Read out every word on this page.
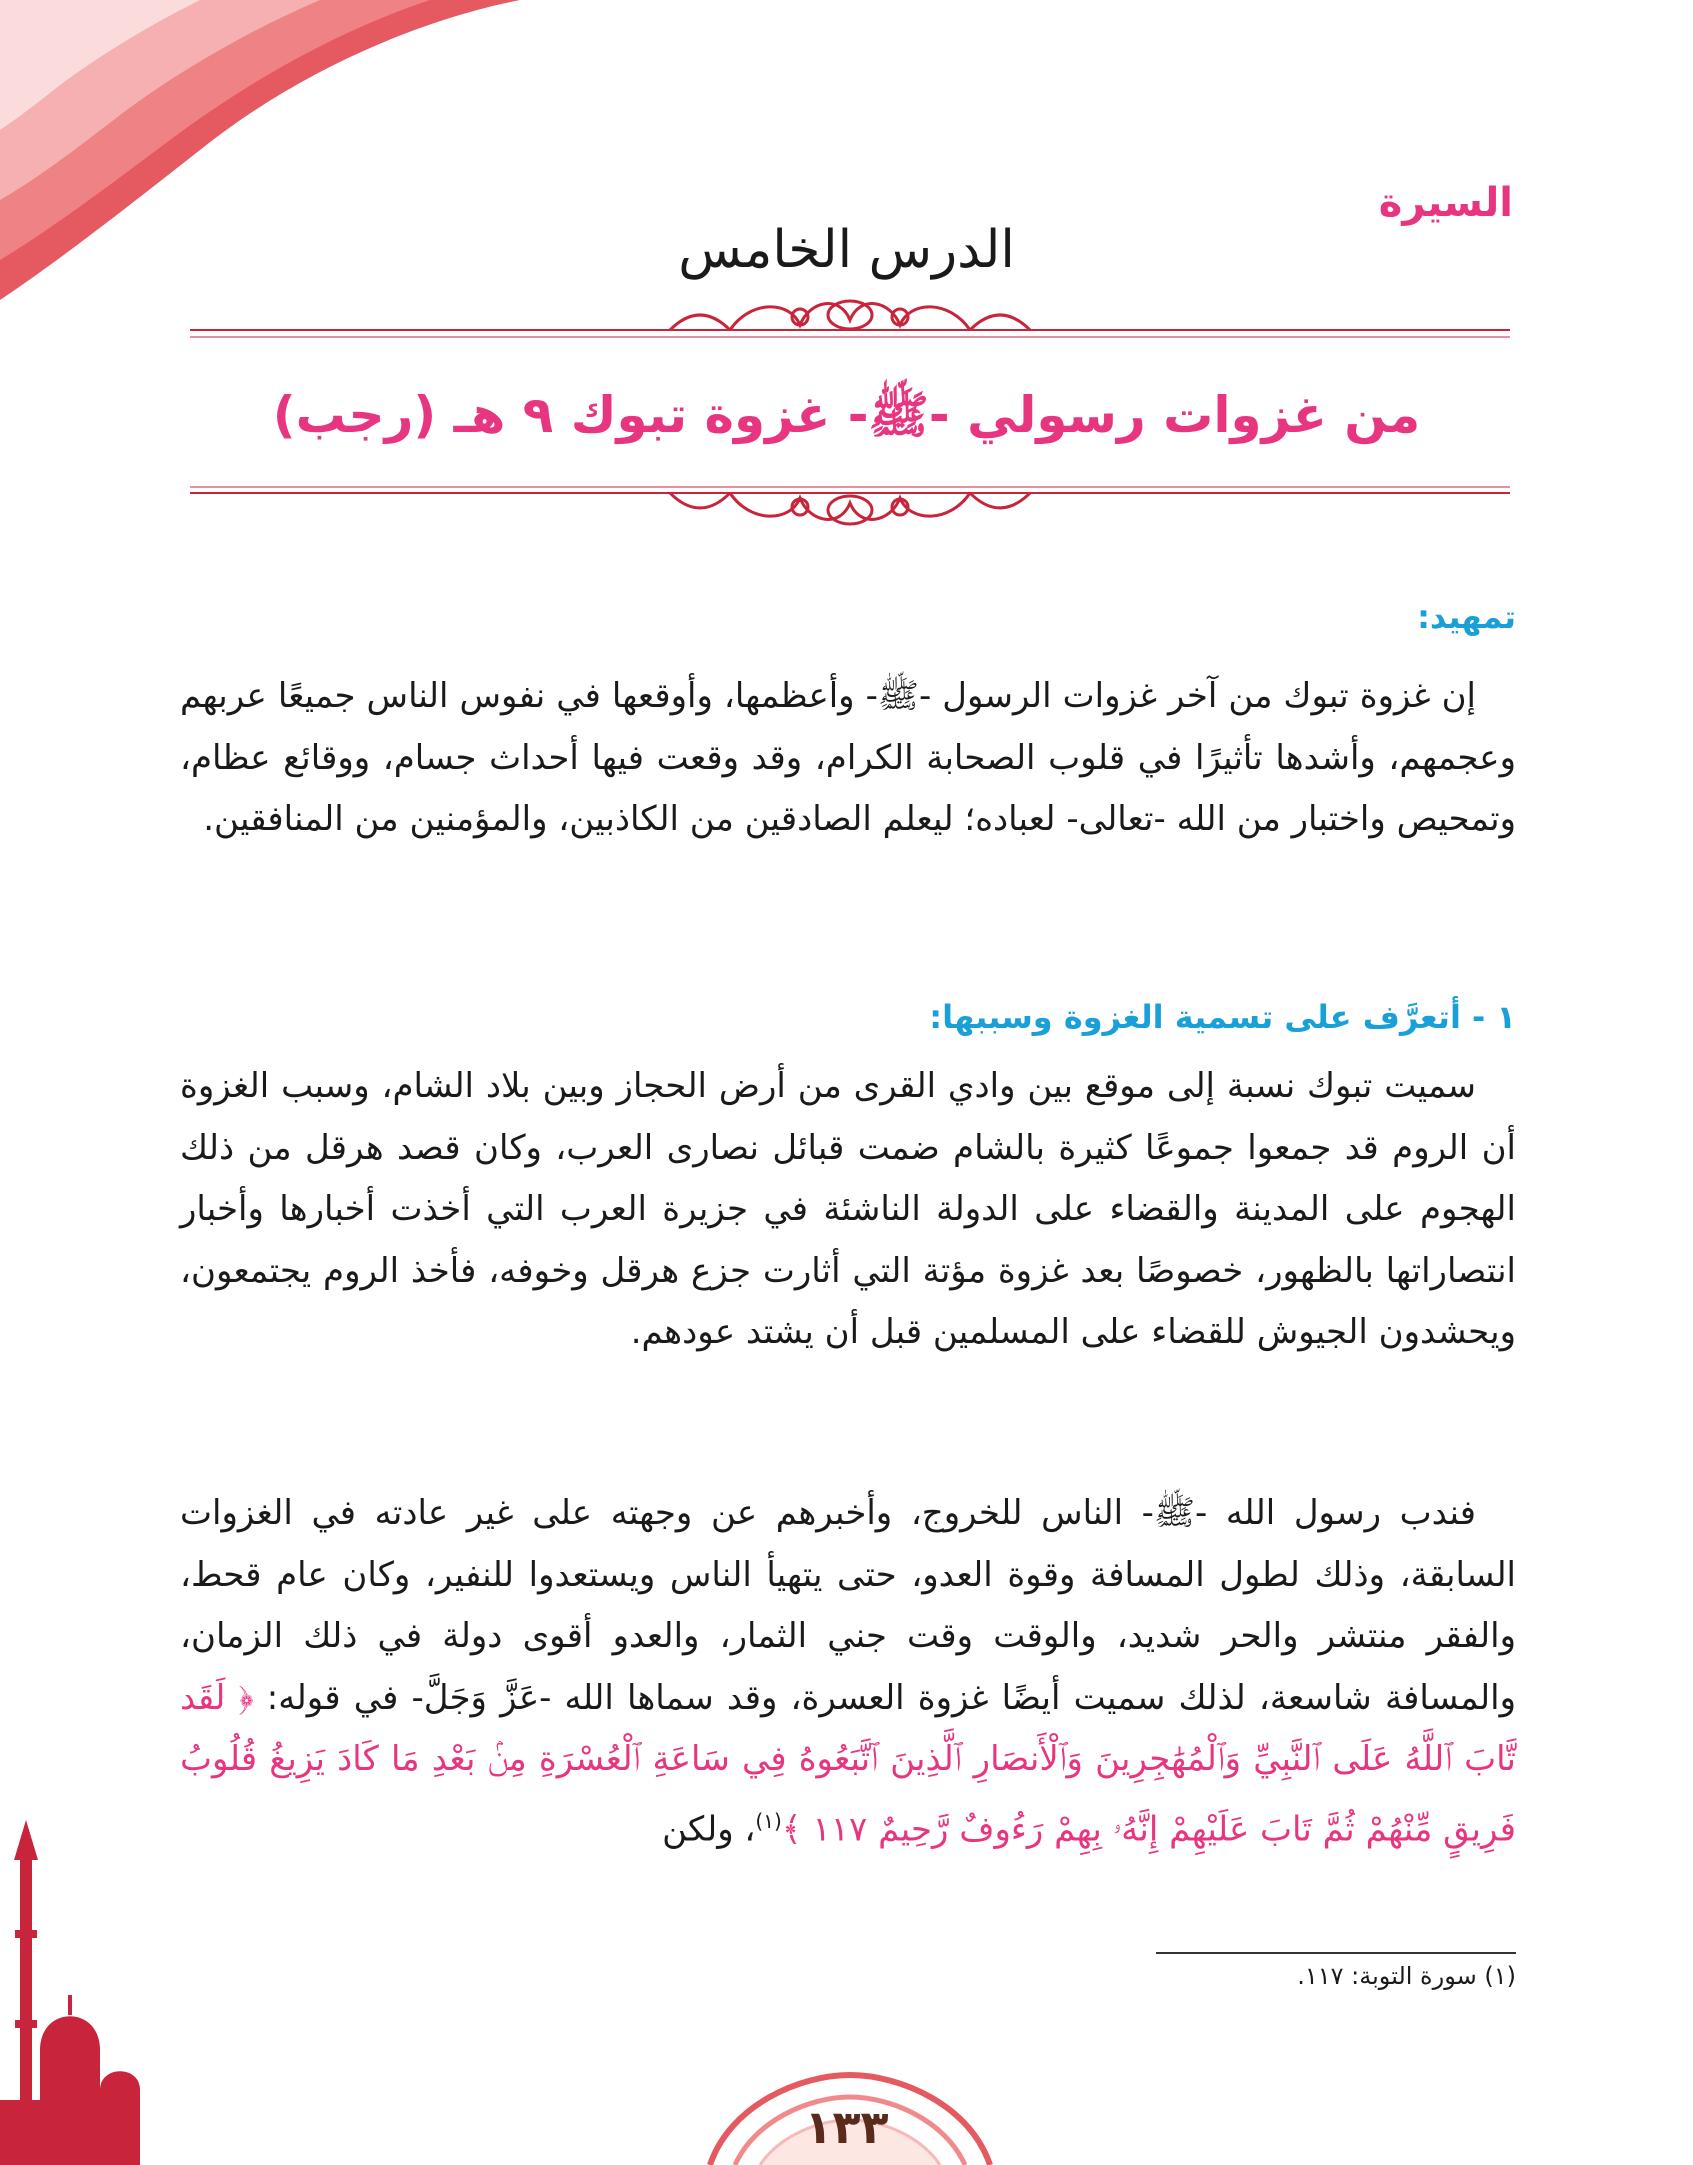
السيرة
الدرس الخامس
من غزوات رسولي -ﷺ- غزوة تبوك ٩ هـ (رجب)
تمهيد:

إن غزوة تبوك من آخر غزوات الرسول -ﷺ- وأعظمها، وأوقعها في نفوس الناس جميعًا عربهم وعجمهم، وأشدها تأثيرًا في قلوب الصحابة الكرام، وقد وقعت فيها أحداث جسام، ووقائع عظام، وتمحيص واختبار من الله -تعالى- لعباده؛ ليعلم الصادقين من الكاذبين، والمؤمنين من المنافقين.

١ - أتعرَّف على تسمية الغزوة وسببها:

سميت تبوك نسبة إلى موقع بين وادي القرى من أرض الحجاز وبين بلاد الشام، وسبب الغزوة أن الروم قد جمعوا جموعًا كثيرة بالشام ضمت قبائل نصارى العرب، وكان قصد هرقل من ذلك الهجوم على المدينة والقضاء على الدولة الناشئة في جزيرة العرب التي أخذت أخبارها وأخبار انتصاراتها بالظهور، خصوصًا بعد غزوة مؤتة التي أثارت جزع هرقل وخوفه، فأخذ الروم يجتمعون، ويحشدون الجيوش للقضاء على المسلمين قبل أن يشتد عودهم.

فندب رسول الله -ﷺ- الناس للخروج، وأخبرهم عن وجهته على غير عادته في الغزوات السابقة، وذلك لطول المسافة وقوة العدو، حتى يتهيأ الناس ويستعدوا للنفير، وكان عام قحط، والفقر منتشر والحر شديد، والوقت وقت جني الثمار، والعدو أقوى دولة في ذلك الزمان، والمسافة شاسعة، لذلك سميت أيضًا غزوة العسرة، وقد سماها الله -عَزَّ وَجَلَّ- في قوله: ﴿ لَقَد تَّابَ ٱللَّهُ عَلَى ٱلنَّبِيِّ وَٱلْمُهَٰجِرِينَ وَٱلْأَنصَارِ ٱلَّذِينَ ٱتَّبَعُوهُ فِي سَاعَةِ ٱلْعُسْرَةِ مِنۢ بَعْدِ مَا كَادَ يَزِيغُ قُلُوبُ فَرِيقٍ مِّنْهُمْ ثُمَّ تَابَ عَلَيْهِمْ إِنَّهُۥ بِهِمْ رَءُوفٌ رَّحِيمٌ ١١٧ ﴾$^{(١)}$، ولكن

(١) سورة التوبة: ١١٧.
١٣٣
